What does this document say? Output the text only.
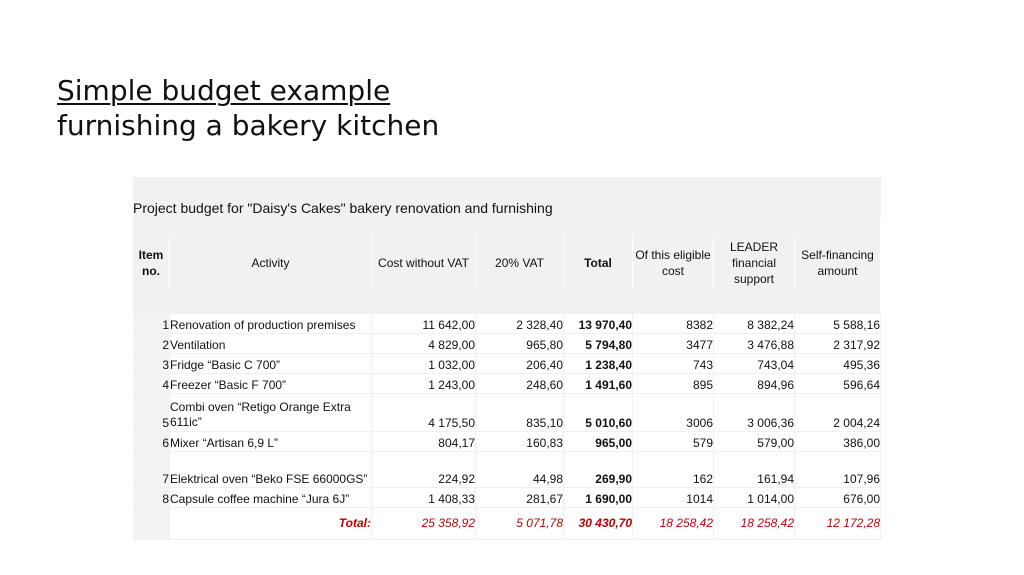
Simple budget example
furnishing a bakery kitchen

Project budget for "Daisy's Cakes" bakery renovation and furnishing							

Item no.	Activity	Cost without VAT	20% VAT	Total	Of this eligible cost	LEADER financial support	Self-financing amount

1	Renovation of production premises	11 642,00	2 328,40	13 970,40	8382	8 382,24	5 588,16
2	Ventilation	4 829,00	965,80	5 794,80	3477	3 476,88	2 317,92
3	Fridge “Basic C 700”	1 032,00	206,40	1 238,40	743	743,04	495,36
4	Freezer “Basic F 700”	1 243,00	248,60	1 491,60	895	894,96	596,64
5	Combi oven “Retigo Orange Extra 611ic”	4 175,50	835,10	5 010,60	3006	3 006,36	2 004,24
6	Mixer “Artisan 6,9 L”	804,17	160,83	965,00	579	579,00	386,00
7	Elektrical oven “Beko FSE 66000GS”	224,92	44,98	269,90	162	161,94	107,96
8	Capsule coffee machine “Jura 6J”	1 408,33	281,67	1 690,00	1014	1 014,00	676,00
	Total:	25 358,92	5 071,78	30 430,70	18 258,42	18 258,42	12 172,28
